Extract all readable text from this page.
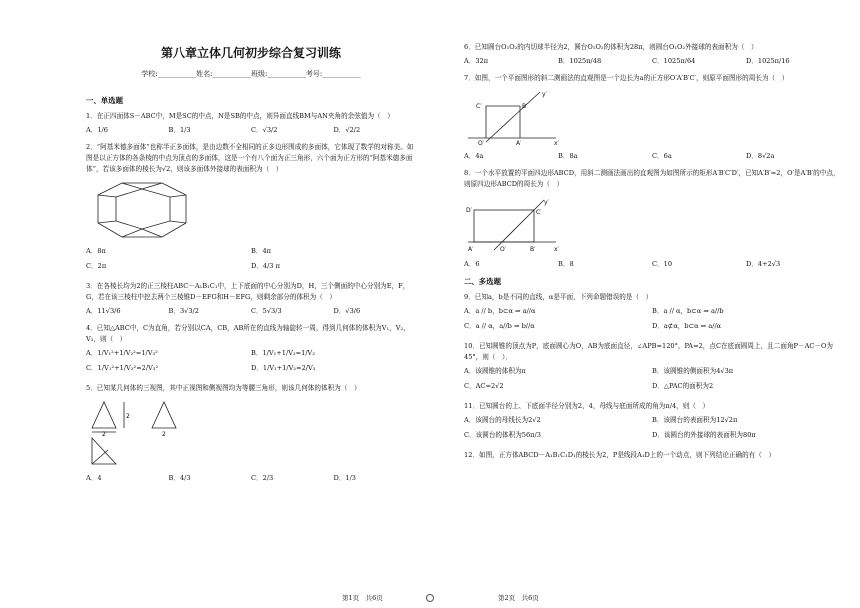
第八章立体几何初步综合复习训练
学校:___________姓名:___________班级:___________考号:___________
一、单选题
1．在正四面体S－ABC中，M是SC的中点，N是SB的中点，则异面直线BM与AN夹角的余弦值为（　）
A．1/6	B．1/3	C．√3/2	D．√2/2
2．“阿基米德多面体”也称半正多面体，是由边数不全相同的正多边形围成的多面体，它体现了数学的对称美。如图是以正方体的各条棱的中点为顶点的多面体，这是一个有八个面为正三角形，六个面为正方形的“阿基米德多面体”，若该多面体的棱长为√2，则该多面体外接球的表面积为（　）
A．8π	B．4π
C．2π	D．4/3 π
3．在各棱长均为2的正三棱柱ABC－A₁B₁C₁中，上下底面的中心分别为D，H，三个侧面的中心分别为E，F，G，若在该三棱柱中挖去两个三棱锥D－EFG和H－EFG，则剩余部分的体积为（　）
A．11√3/6	B．3√3/2	C．5√3/3	D．√3/6
4．已知△ABC中，C为直角，若分别以CA，CB，AB所在的直线为轴旋转一周，得到几何体的体积为V₁，V₂，V₃，则（　）
A．1/V₁²+1/V₂²=1/V₃²	B．1/V₁+1/V₂=1/V₃
C．1/V₁²+1/V₂²=2/V₃²	D．1/V₁+1/V₂=2/V₃
5．已知某几何体的三视图，其中正视图和侧视图均为等腰三角形，则该几何体的体积为（　）
2
2	2
A．4	B．4/3	C．2/3	D．1/3
6．已知圆台O₁O₂的内切球半径为2，圆台O₁O₂的体积为28π，则圆台O₁O₂外接球的表面积为（　）
A．32π	B．1025π/48	C．1025π/64	D．1025π/16
7．如图，一个平面图形的斜二测画法的直观图是一个边长为a的正方形O′A′B′C′，则原平面图形的周长为（　）
y′
C′	B′
O′	A′	x′
A．4a	B．8a	C．6a	D．8√2a
8．一个水平放置的平面四边形ABCD，用斜二测画法画出的直观图为如图所示的矩形A′B′C′D′，已知A′B′=2，O′是A′B′的中点，则原四边形ABCD的周长为（　）
y′
D′	C′
A′	O′	B′	x′
A．6	B．8	C．10	D．4+2√3
二、多选题
9．已知a，b是不同的直线，α是平面，下列命题错误的是（　）
A．a // b，b⊂α ⇒ a//α	B．a // α，b⊂α ⇒ a//b
C．a // α，a//b ⇒ b//α	D．a⊄α，b⊂α ⇒ a//α
10．已知圆锥的顶点为P，底面圆心为O，AB为底面直径，∠APB=120°，PA=2，点C在底面圆周上，且二面角P－AC－O为45°，则（　）．
A．该圆锥的体积为π	B．该圆锥的侧面积为4√3π
C．AC=2√2	D．△PAC的面积为2
11．已知圆台的上、下底面半径分别为2，4，母线与底面所成的角为π/4，则（　）
A．该圆台的母线长为2√2	B．该圆台的表面积为12√2π
C．该圆台的体积为56π/3	D．该圆台的外接球的表面积为80π
12．如图，正方体ABCD－A₁B₁C₁D₁的棱长为2，P是线段A₁D上的一个动点，则下列结论正确的有（　）
第1页　共6页	第2页　共6页
